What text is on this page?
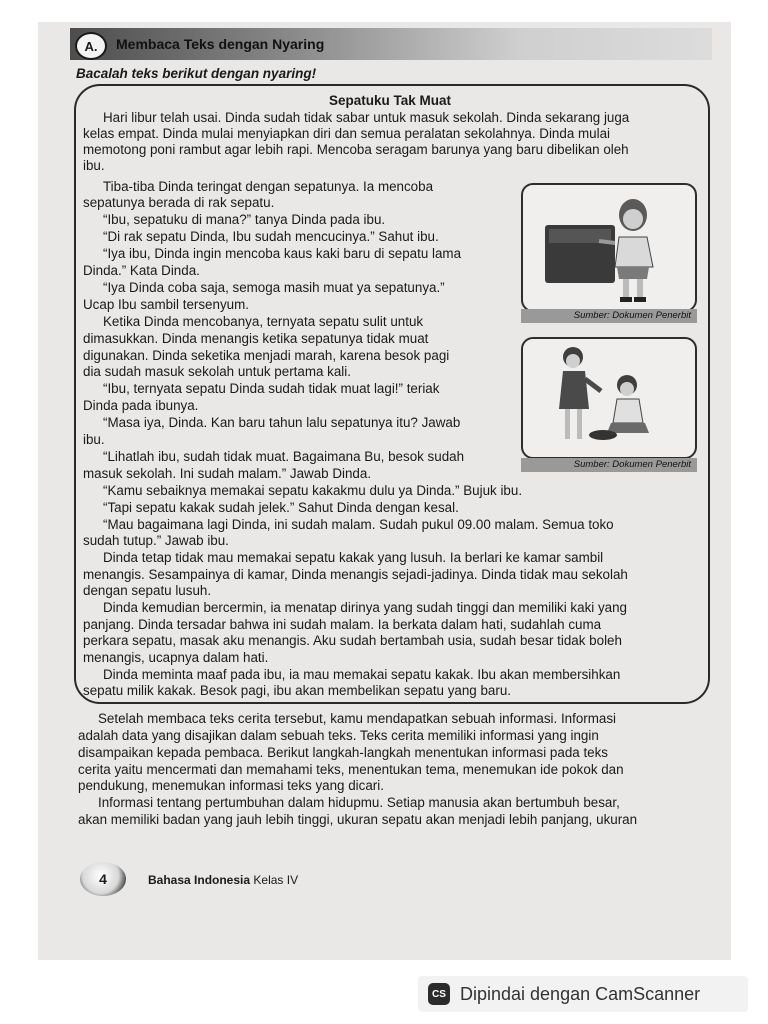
A.	Membaca Teks dengan Nyaring
Bacalah teks berikut dengan nyaring!
Sepatuku Tak Muat
Hari libur telah usai. Dinda sudah tidak sabar untuk masuk sekolah. Dinda sekarang juga
kelas empat. Dinda mulai menyiapkan diri dan semua peralatan sekolahnya. Dinda mulai
memotong poni rambut agar lebih rapi. Mencoba seragam barunya yang baru dibelikan oleh
ibu.
Tiba-tiba Dinda teringat dengan sepatunya. Ia mencoba
sepatunya berada di rak sepatu.
“Ibu, sepatuku di mana?” tanya Dinda pada ibu.
“Di rak sepatu Dinda, Ibu sudah mencucinya.” Sahut ibu.
“Iya ibu, Dinda ingin mencoba kaus kaki baru di sepatu lama
Dinda.” Kata Dinda.
“Iya Dinda coba saja, semoga masih muat ya sepatunya.”
Ucap Ibu sambil tersenyum.
Ketika Dinda mencobanya, ternyata sepatu sulit untuk
dimasukkan. Dinda menangis ketika sepatunya tidak muat
digunakan. Dinda seketika menjadi marah, karena besok pagi
dia sudah masuk sekolah untuk pertama kali.
“Ibu, ternyata sepatu Dinda sudah tidak muat lagi!” teriak
Dinda pada ibunya.
“Masa iya, Dinda. Kan baru tahun lalu sepatunya itu? Jawab
ibu.
“Lihatlah ibu, sudah tidak muat. Bagaimana Bu, besok sudah
masuk sekolah. Ini sudah malam.” Jawab Dinda.
“Kamu sebaiknya memakai sepatu kakakmu dulu ya Dinda.” Bujuk ibu.
“Tapi sepatu kakak sudah jelek.” Sahut Dinda dengan kesal.
“Mau bagaimana lagi Dinda, ini sudah malam. Sudah pukul 09.00 malam. Semua toko
sudah tutup.” Jawab ibu.
Dinda tetap tidak mau memakai sepatu kakak yang lusuh. Ia berlari ke kamar sambil
menangis. Sesampainya di kamar, Dinda menangis sejadi-jadinya. Dinda tidak mau sekolah
dengan sepatu lusuh.
Dinda kemudian bercermin, ia menatap dirinya yang sudah tinggi dan memiliki kaki yang
panjang. Dinda tersadar bahwa ini sudah malam. Ia berkata dalam hati, sudahlah cuma
perkara sepatu, masak aku menangis. Aku sudah bertambah usia, sudah besar tidak boleh
menangis, ucapnya dalam hati.
Dinda meminta maaf pada ibu, ia mau memakai sepatu kakak. Ibu akan membersihkan
sepatu milik kakak. Besok pagi, ibu akan membelikan sepatu yang baru.
Sumber: Dokumen Penerbit
Sumber: Dokumen Penerbit
Setelah membaca teks cerita tersebut, kamu mendapatkan sebuah informasi. Informasi
adalah data yang disajikan dalam sebuah teks. Teks cerita memiliki informasi yang ingin
disampaikan kepada pembaca. Berikut langkah-langkah menentukan informasi pada teks
cerita yaitu mencermati dan memahami teks, menentukan tema, menemukan ide pokok dan
pendukung, menemukan informasi teks yang dicari.
Informasi tentang pertumbuhan dalam hidupmu. Setiap manusia akan bertumbuh besar,
akan memiliki badan yang jauh lebih tinggi, ukuran sepatu akan menjadi lebih panjang, ukuran
4	Bahasa Indonesia Kelas IV
CS Dipindai dengan CamScanner
